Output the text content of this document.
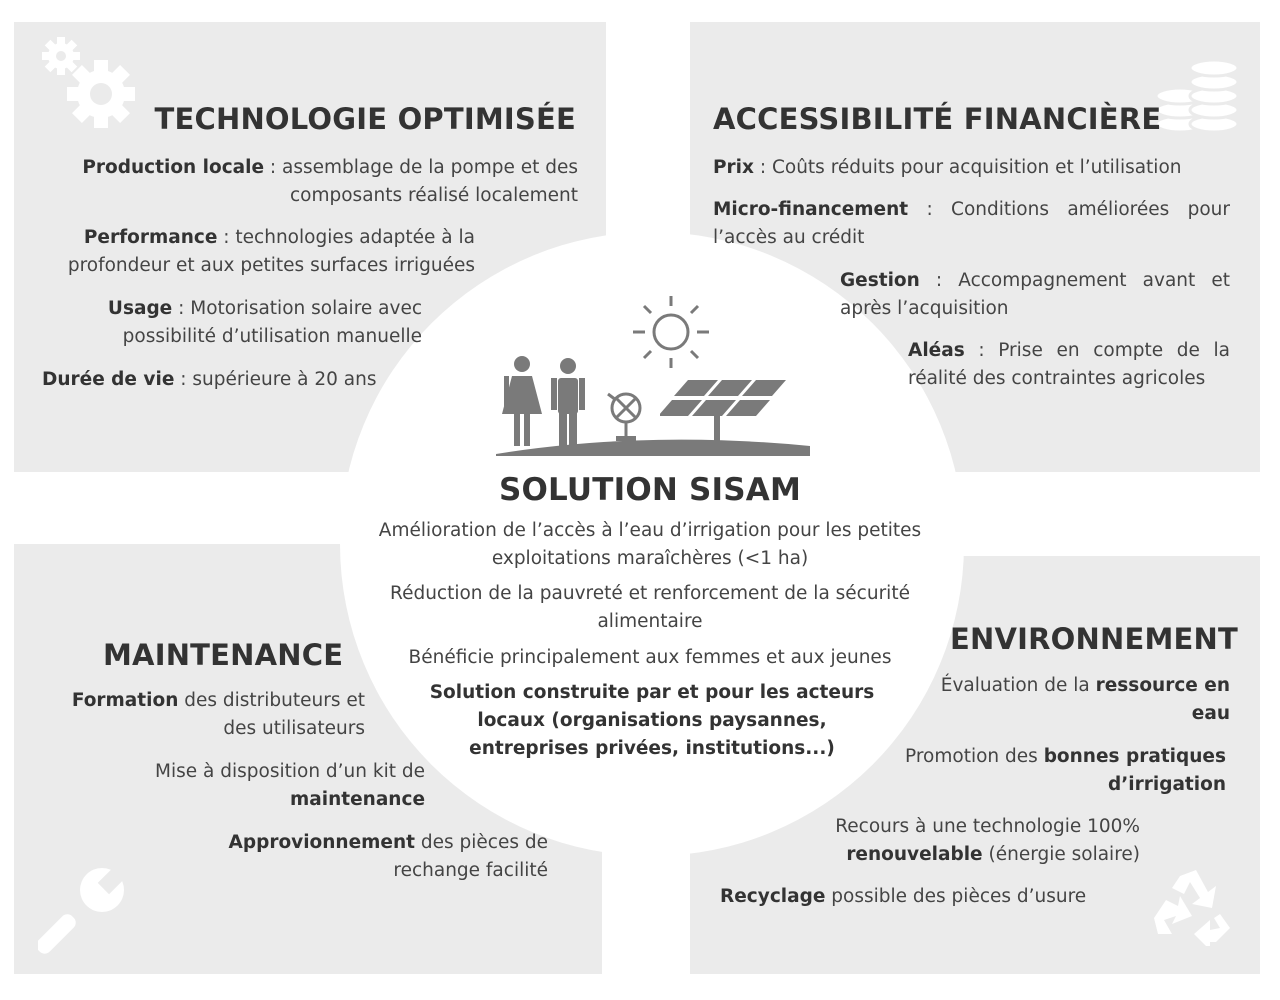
TECHNOLOGIE OPTIMISÉE
Production locale : assemblage de la pompe et des composants réalisé localement
Performance : technologies adaptée à la profondeur et aux petites surfaces irriguées
Usage : Motorisation solaire avec possibilité d’utilisation manuelle
Durée de vie : supérieure à 20 ans
ACCESSIBILITÉ FINANCIÈRE
Prix : Coûts réduits pour acquisition et l’utilisation
Micro-financement : Conditions améliorées pour l’accès au crédit
Gestion : Accompagnement avant et après l’acquisition
Aléas : Prise en compte de la réalité des contraintes agricoles
SOLUTION SISAM
Amélioration de l’accès à l’eau d’irrigation pour les petites exploitations maraîchères (<1 ha)
Réduction de la pauvreté et renforcement de la sécurité alimentaire
Bénéficie principalement aux femmes et aux jeunes
Solution construite par et pour les acteurs locaux (organisations paysannes, entreprises privées, institutions...)
MAINTENANCE
Formation des distributeurs et des utilisateurs
Mise à disposition d’un kit de maintenance
Approvionnement des pièces de rechange facilité
ENVIRONNEMENT
Évaluation de la ressource en eau
Promotion des bonnes pratiques d’irrigation
Recours à une technologie 100% renouvelable (énergie solaire)
Recyclage possible des pièces d’usure
